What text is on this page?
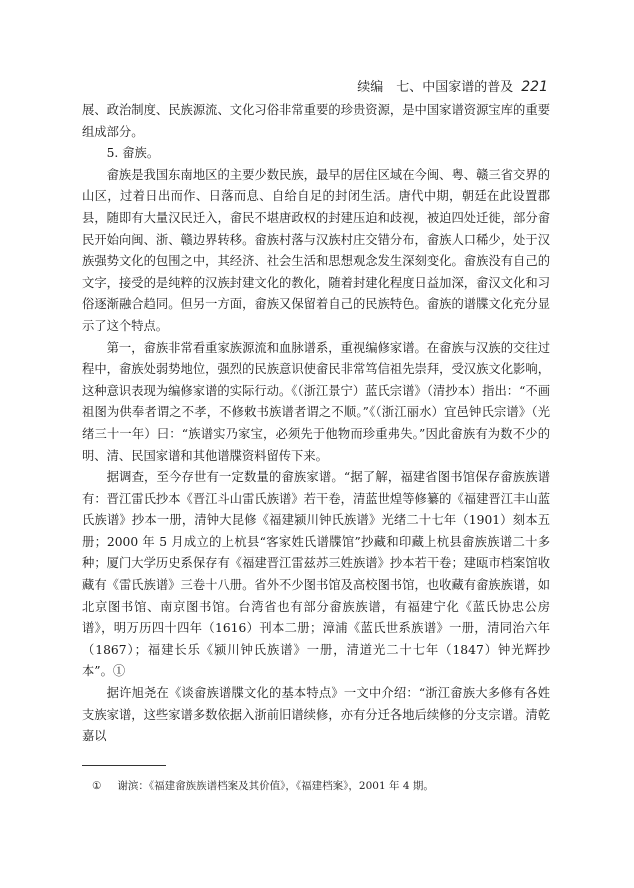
续编　七、中国家谱的普及 221

展、政治制度、民族源流、文化习俗非常重要的珍贵资源，是中国家谱资源宝库的重要组成部分。

5. 畲族。

畲族是我国东南地区的主要少数民族，最早的居住区域在今闽、粤、赣三省交界的山区，过着日出而作、日落而息、自给自足的封闭生活。唐代中期，朝廷在此设置郡县，随即有大量汉民迁入，畲民不堪唐政权的封建压迫和歧视，被迫四处迁徙，部分畲民开始向闽、浙、赣边界转移。畲族村落与汉族村庄交错分布，畲族人口稀少，处于汉族强势文化的包围之中，其经济、社会生活和思想观念发生深刻变化。畲族没有自己的文字，接受的是纯粹的汉族封建文化的教化，随着封建化程度日益加深，畲汉文化和习俗逐渐融合趋同。但另一方面，畲族又保留着自己的民族特色。畲族的谱牒文化充分显示了这个特点。

第一，畲族非常看重家族源流和血脉谱系，重视编修家谱。在畲族与汉族的交往过程中，畲族处弱势地位，强烈的民族意识使畲民非常笃信祖先崇拜，受汉族文化影响，这种意识表现为编修家谱的实际行动。《（浙江景宁）蓝氏宗谱》（清抄本）指出：“不画祖图为供奉者谓之不孝，不修敕书族谱者谓之不顺。”《（浙江丽水）宜邑钟氏宗谱》（光绪三十一年）曰：“族谱实乃家宝，必须先于他物而珍重弗失。”因此畲族有为数不少的明、清、民国家谱和其他谱牒资料留传下来。

据调查，至今存世有一定数量的畲族家谱。“据了解，福建省图书馆保存畲族族谱有：晋江雷氏抄本《晋江斗山雷氏族谱》若干卷，清蓝世煌等修纂的《福建晋江丰山蓝氏族谱》抄本一册，清钟大昆修《福建颍川钟氏族谱》光绪二十七年（1901）刻本五册；2000 年 5 月成立的上杭县“客家姓氏谱牒馆”抄藏和印藏上杭县畲族族谱二十多种；厦门大学历史系保存有《福建晋江雷兹苏三姓族谱》抄本若干卷；建瓯市档案馆收藏有《雷氏族谱》三卷十八册。省外不少图书馆及高校图书馆，也收藏有畲族族谱，如北京图书馆、南京图书馆。台湾省也有部分畲族族谱，有福建宁化《蓝氏协忠公房谱》，明万历四十四年（1616）刊本二册；漳浦《蓝氏世系族谱》一册，清同治六年（1867）；福建长乐《颍川钟氏族谱》一册，清道光二十七年（1847）钟光辉抄本”。①

据许旭尧在《谈畲族谱牒文化的基本特点》一文中介绍：“浙江畲族大多修有各姓支族家谱，这些家谱多数依据入浙前旧谱续修，亦有分迁各地后续修的分支宗谱。清乾嘉以

① 谢滨：《福建畲族族谱档案及其价值》，《福建档案》，2001 年 4 期。
